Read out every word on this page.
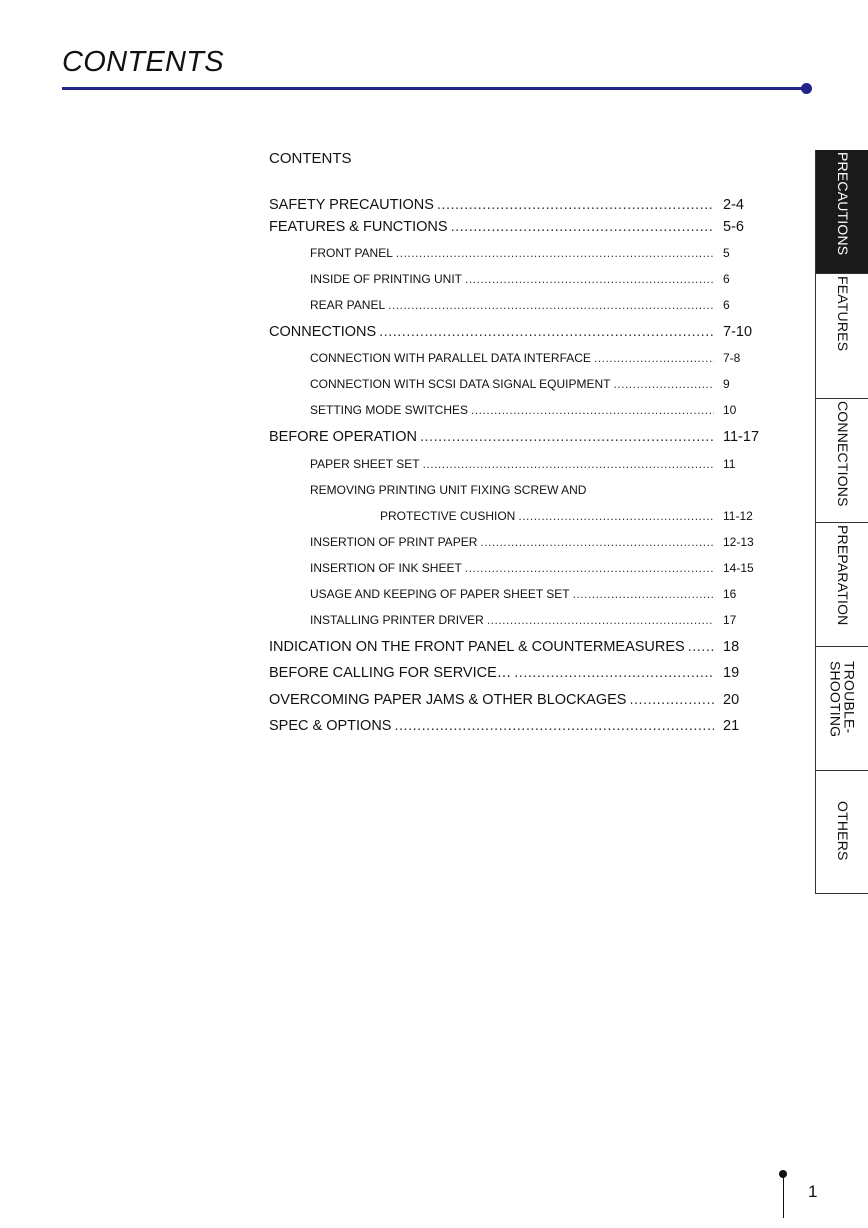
CONTENTS
CONTENTS
SAFETY PRECAUTIONS .....	2-4
FEATURES & FUNCTIONS .....	5-6
FRONT PANEL .....	5
INSIDE OF PRINTING UNIT .....	6
REAR PANEL .....	6
CONNECTIONS .....	7-10
CONNECTION WITH PARALLEL DATA INTERFACE .....	7-8
CONNECTION WITH SCSI DATA SIGNAL EQUIPMENT .....	9
SETTING MODE SWITCHES .....	10
BEFORE OPERATION .....	11-17
PAPER SHEET SET .....	11
REMOVING PRINTING UNIT FIXING SCREW AND
PROTECTIVE CUSHION .....	11-12
INSERTION OF PRINT PAPER .....	12-13
INSERTION OF INK SHEET .....	14-15
USAGE AND KEEPING OF PAPER SHEET SET .....	16
INSTALLING PRINTER DRIVER .....	17
INDICATION ON THE FRONT PANEL & COUNTERMEASURES .....	18
BEFORE CALLING FOR SERVICE… .....	19
OVERCOMING PAPER JAMS & OTHER BLOCKAGES .....	20
SPEC & OPTIONS .....	21
PRECAUTIONS
FEATURES
CONNECTIONS
PREPARATION
TROUBLE-
SHOOTING
OTHERS
1
